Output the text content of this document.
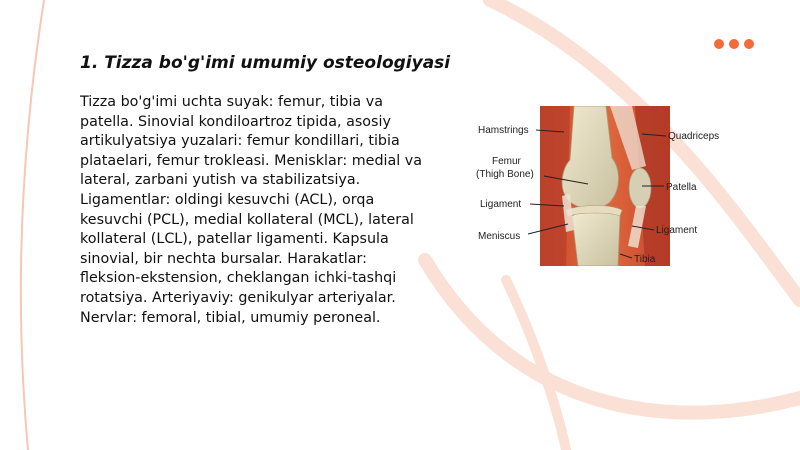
1. Tizza bo'g'imi umumiy osteologiyasi

Tizza bo'g'imi uchta suyak: femur, tibia va patella. Sinovial kondiloartroz tipida, asosiy artikulyatsiya yuzalari: femur kondillari, tibia plataelari, femur trokleasi. Menisklar: medial va lateral, zarbani yutish va stabilizatsiya. Ligamentlar: oldingi kesuvchi (ACL), orqa kesuvchi (PCL), medial kollateral (MCL), lateral kollateral (LCL), patellar ligamenti. Kapsula sinovial, bir nechta bursalar. Harakatlar: fleksion-ekstension, cheklangan ichki-tashqi rotatsiya. Arteriyaviy: genikulyar arteriyalar. Nervlar: femoral, tibial, umumiy peroneal.

Hamstrings
Femur
(Thigh Bone)
Ligament
Meniscus
Quadriceps
Patella
Ligament
Tibia
